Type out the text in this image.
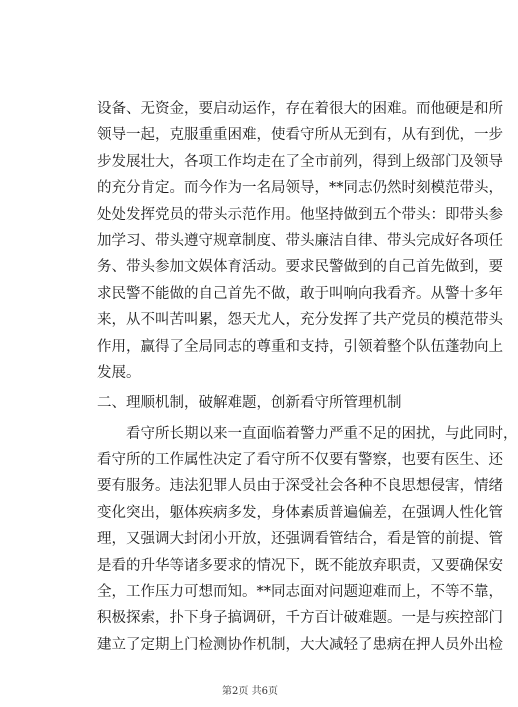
设备、无资金，要启动运作，存在着很大的困难。而他硬是和所
领导一起，克服重重困难，使看守所从无到有，从有到优，一步
步发展壮大，各项工作均走在了全市前列，得到上级部门及领导
的充分肯定。而今作为一名局领导，**同志仍然时刻模范带头，
处处发挥党员的带头示范作用。他坚持做到五个带头：即带头参
加学习、带头遵守规章制度、带头廉洁自律、带头完成好各项任
务、带头参加文娱体育活动。要求民警做到的自己首先做到，要
求民警不能做的自己首先不做，敢于叫响向我看齐。从警十多年
来，从不叫苦叫累，怨天尤人，充分发挥了共产党员的模范带头
作用，赢得了全局同志的尊重和支持，引领着整个队伍蓬勃向上
发展。
二、理顺机制，破解难题，创新看守所管理机制
看守所长期以来一直面临着警力严重不足的困扰，与此同时，
看守所的工作属性决定了看守所不仅要有警察，也要有医生、还
要有服务。违法犯罪人员由于深受社会各种不良思想侵害，情绪
变化突出，躯体疾病多发，身体素质普遍偏差，在强调人性化管
理，又强调大封闭小开放，还强调看管结合，看是管的前提、管
是看的升华等诸多要求的情况下，既不能放弃职责，又要确保安
全，工作压力可想而知。**同志面对问题迎难而上，不等不靠，
积极探索，扑下身子搞调研，千方百计破难题。一是与疾控部门
建立了定期上门检测协作机制，大大减轻了患病在押人员外出检
第2页 共6页
